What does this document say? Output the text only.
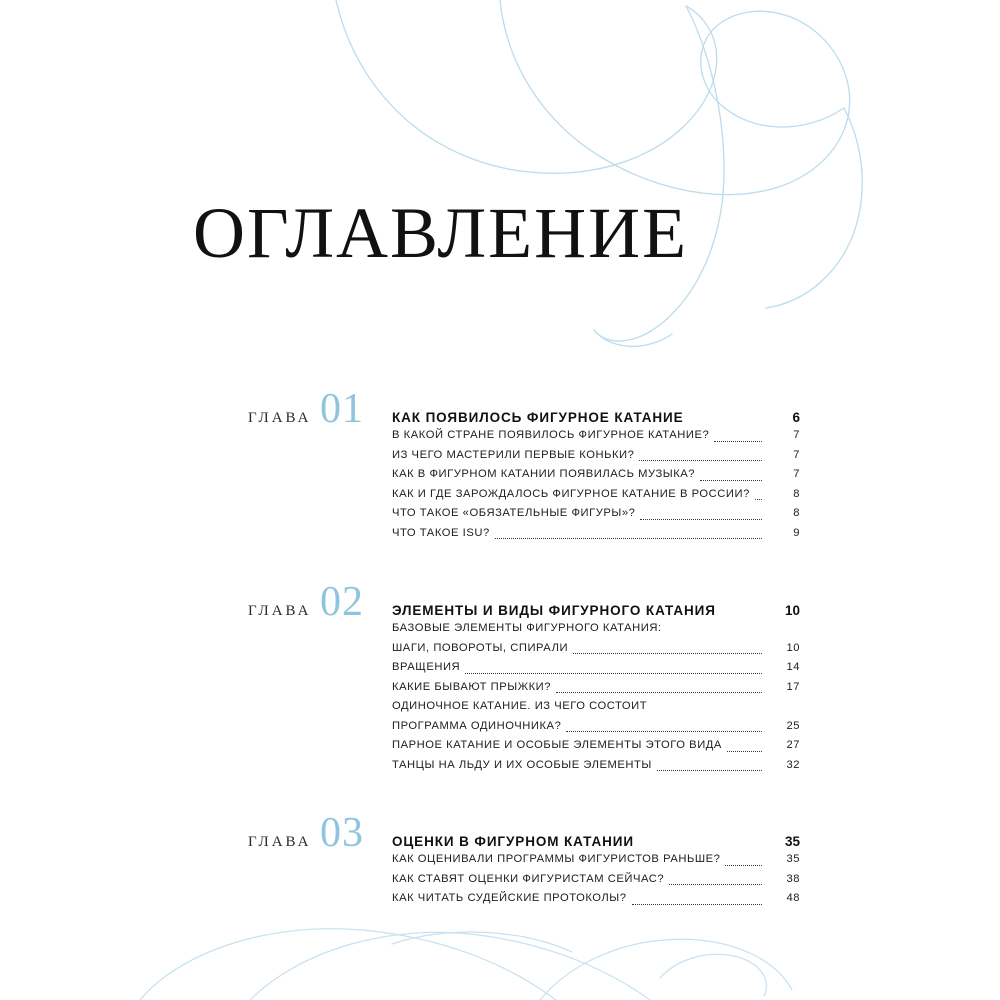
ОГЛАВЛЕНИЕ
ГЛАВА 01	КАК ПОЯВИЛОСЬ ФИГУРНОЕ КАТАНИЕ	6
В КАКОЙ СТРАНЕ ПОЯВИЛОСЬ ФИГУРНОЕ КАТАНИЕ?	7
ИЗ ЧЕГО МАСТЕРИЛИ ПЕРВЫЕ КОНЬКИ?	7
КАК В ФИГУРНОМ КАТАНИИ ПОЯВИЛАСЬ МУЗЫКА?	7
КАК И ГДЕ ЗАРОЖДАЛОСЬ ФИГУРНОЕ КАТАНИЕ В РОССИИ?	8
ЧТО ТАКОЕ «ОБЯЗАТЕЛЬНЫЕ ФИГУРЫ»?	8
ЧТО ТАКОЕ ISU?	9
ГЛАВА 02	ЭЛЕМЕНТЫ И ВИДЫ ФИГУРНОГО КАТАНИЯ	10
БАЗОВЫЕ ЭЛЕМЕНТЫ ФИГУРНОГО КАТАНИЯ:
ШАГИ, ПОВОРОТЫ, СПИРАЛИ	10
ВРАЩЕНИЯ	14
КАКИЕ БЫВАЮТ ПРЫЖКИ?	17
ОДИНОЧНОЕ КАТАНИЕ. ИЗ ЧЕГО СОСТОИТ
ПРОГРАММА ОДИНОЧНИКА?	25
ПАРНОЕ КАТАНИЕ И ОСОБЫЕ ЭЛЕМЕНТЫ ЭТОГО ВИДА	27
ТАНЦЫ НА ЛЬДУ И ИХ ОСОБЫЕ ЭЛЕМЕНТЫ	32
ГЛАВА 03	ОЦЕНКИ В ФИГУРНОМ КАТАНИИ	35
КАК ОЦЕНИВАЛИ ПРОГРАММЫ ФИГУРИСТОВ РАНЬШЕ?	35
КАК СТАВЯТ ОЦЕНКИ ФИГУРИСТАМ СЕЙЧАС?	38
КАК ЧИТАТЬ СУДЕЙСКИЕ ПРОТОКОЛЫ?	48
